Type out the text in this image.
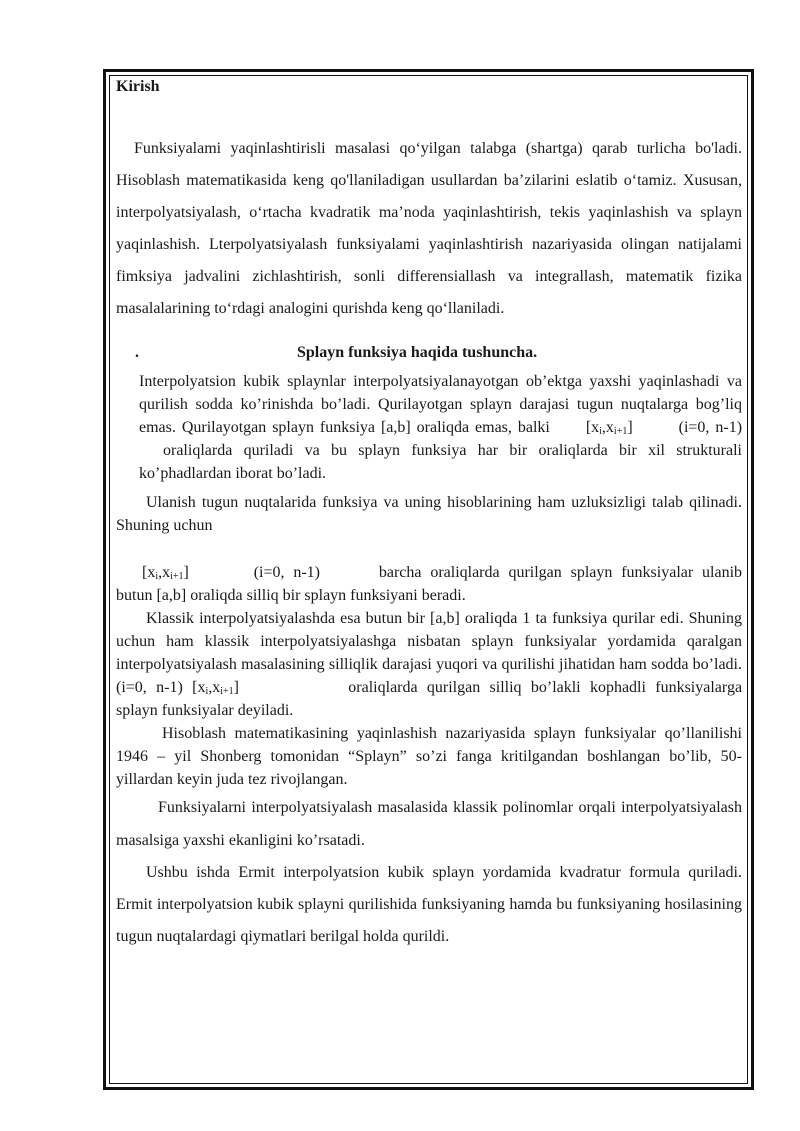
Kirish

Funksiyalami yaqinlashtirisli masalasi qo‘yilgan talabga (shartga) qarab turlicha bo'ladi. Hisoblash matematikasida keng qo'llaniladigan usullardan ba’zilarini eslatib o‘tamiz. Xususan, interpolyatsiyalash, o‘rtacha kvadratik ma’noda yaqinlashtirish, tekis yaqinlashish va splayn yaqinlashish. Lterpolyatsiyalash funksiyalami yaqinlashtirish nazariyasida olingan natijalami fimksiya jadvalini zichlashtirish, sonli differensiallash va integrallash, matematik fizika masalalarining to‘rdagi analogini qurishda keng qo‘llaniladi.

.	Splayn funksiya haqida tushuncha.

Interpolyatsion kubik splaynlar interpolyatsiyalanayotgan ob’ektga yaxshi yaqinlashadi va qurilish sodda ko’rinishda bo’ladi. Qurilayotgan splayn darajasi tugun nuqtalarga bog’liq emas. Qurilayotgan splayn funksiya [a,b] oraliqda emas, balki $[x_i,x_{i+1}]$	(i=0, n-1) oraliqlarda quriladi va bu splayn funksiya har bir oraliqlarda bir xil strukturali ko’phadlardan iborat bo’ladi.

Ulanish tugun nuqtalarida funksiya va uning hisoblarining ham uzluksizligi talab qilinadi. Shuning uchun

$[x_i,x_{i+1}]$	(i=0, n-1)	barcha oraliqlarda qurilgan splayn funksiyalar ulanib butun [a,b] oraliqda silliq bir splayn funksiyani beradi.

Klassik interpolyatsiyalashda esa butun bir [a,b] oraliqda 1 ta funksiya qurilar edi. Shuning uchun ham klassik interpolyatsiyalashga nisbatan splayn funksiyalar yordamida qaralgan interpolyatsiyalash masalasining silliqlik darajasi yuqori va qurilishi jihatidan ham sodda bo’ladi. (i=0, n-1) $[x_i,x_{i+1}]$	oraliqlarda qurilgan silliq bo’lakli kophadli funksiyalarga splayn funksiyalar deyiladi.

Hisoblash matematikasining yaqinlashish nazariyasida splayn funksiyalar qo’llanilishi 1946 – yil Shonberg tomonidan “Splayn” so’zi fanga kritilgandan boshlangan bo’lib, 50-yillardan keyin juda tez rivojlangan.

Funksiyalarni interpolyatsiyalash masalasida klassik polinomlar orqali interpolyatsiyalash masalsiga yaxshi ekanligini ko’rsatadi.

Ushbu ishda Ermit interpolyatsion kubik splayn yordamida kvadratur formula quriladi. Ermit interpolyatsion kubik splayni qurilishida funksiyaning hamda bu funksiyaning hosilasining tugun nuqtalardagi qiymatlari berilgal holda qurildi.
